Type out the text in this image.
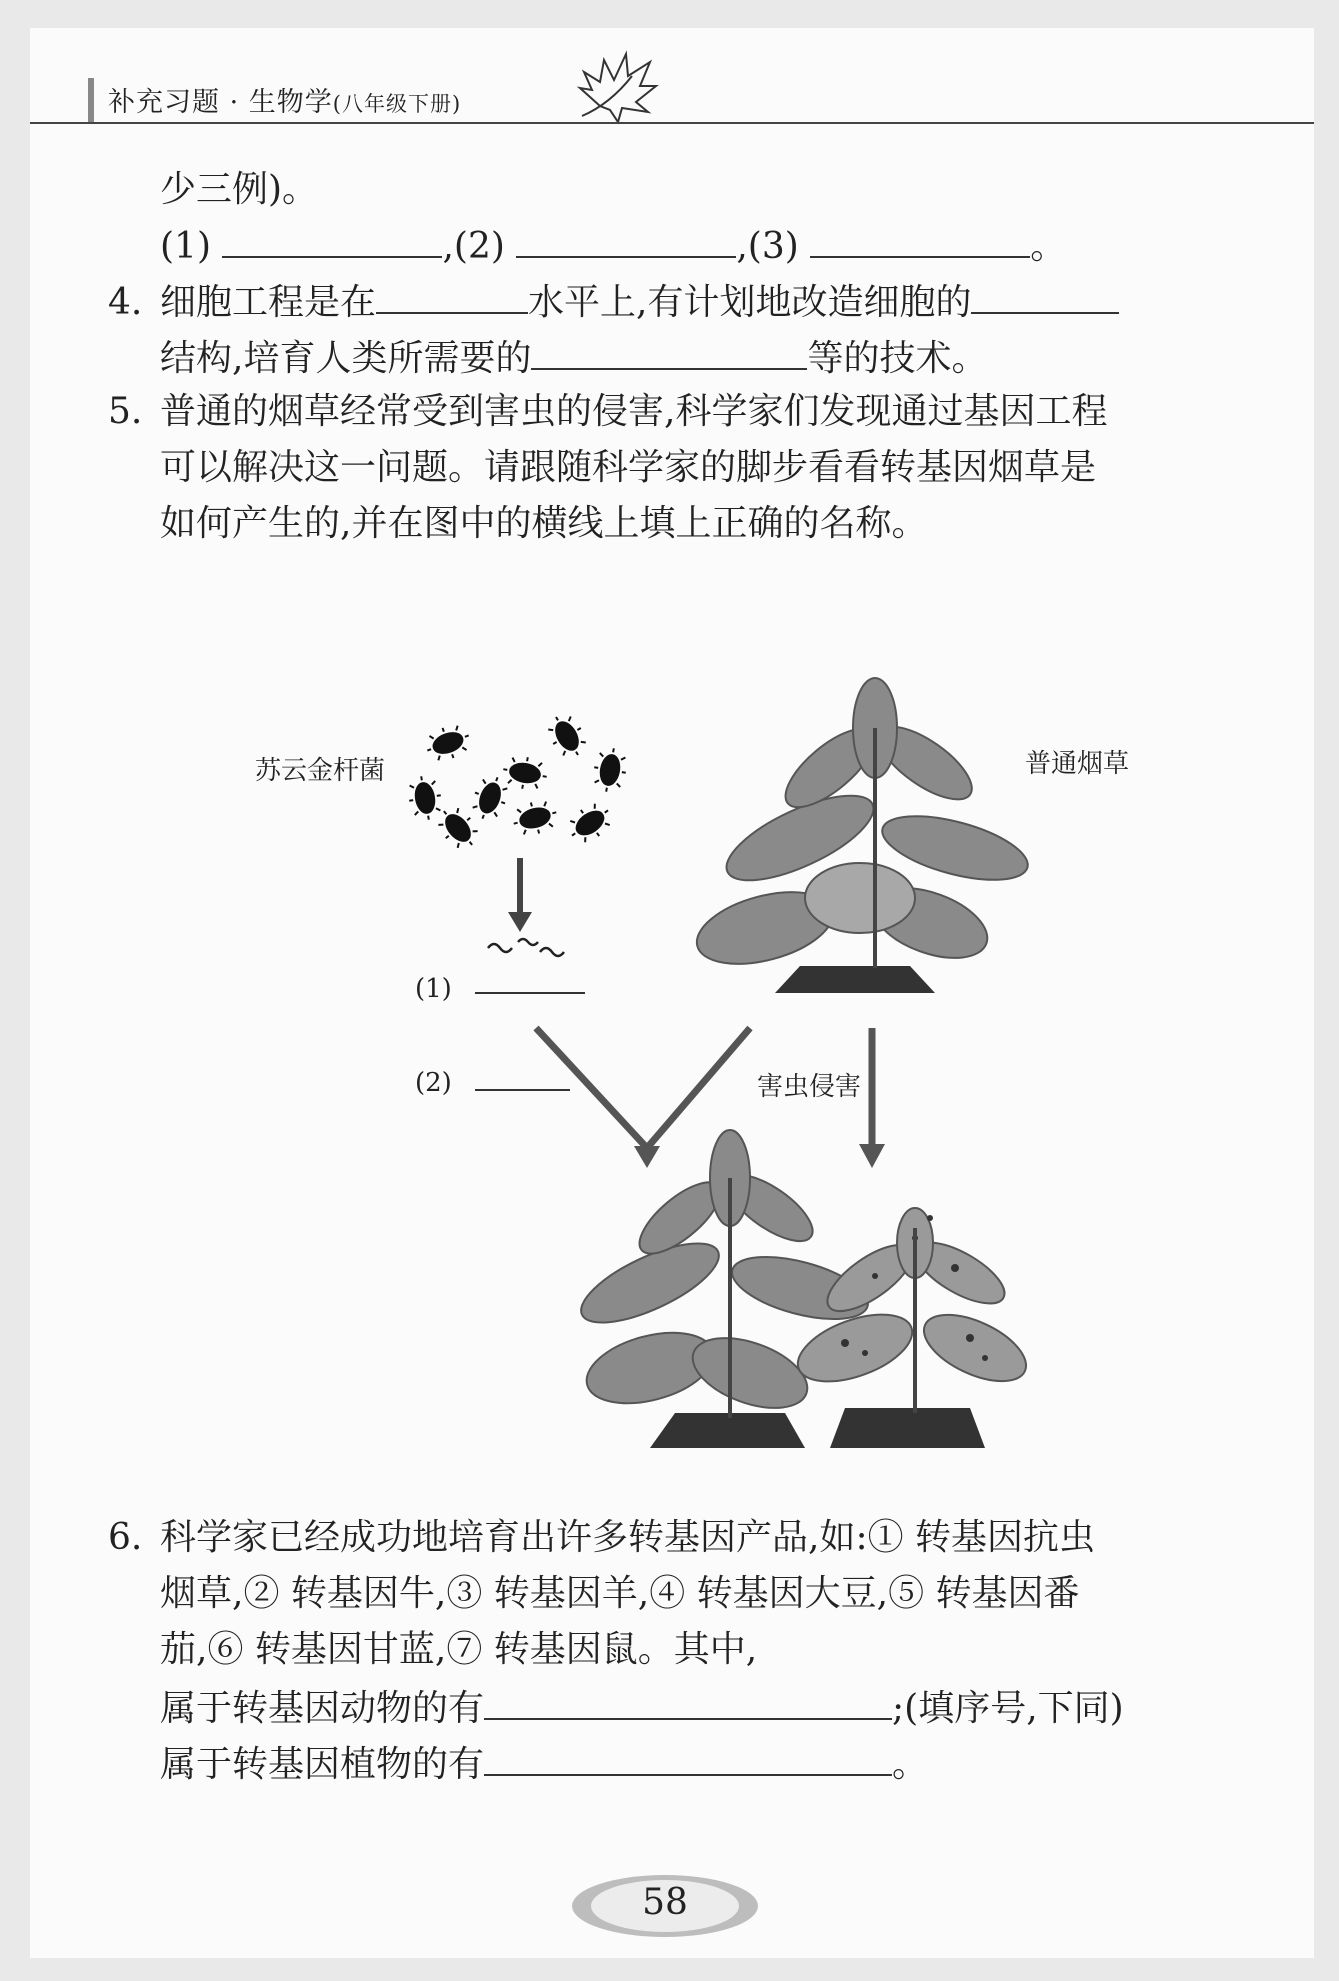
补充习题 · 生物学(八年级下册)
少三例)。
(1)	,(2)	,(3)	。
4. 细胞工程是在	水平上,有计划地改造细胞的
结构,培育人类所需要的	等的技术。
5. 普通的烟草经常受到害虫的侵害,科学家们发现通过基因工程
可以解决这一问题。请跟随科学家的脚步看看转基因烟草是
如何产生的,并在图中的横线上填上正确的名称。
苏云金杆菌	普通烟草
(1)
(2)	害虫侵害
6. 科学家已经成功地培育出许多转基因产品,如:① 转基因抗虫
烟草,② 转基因牛,③ 转基因羊,④ 转基因大豆,⑤ 转基因番
茄,⑥ 转基因甘蓝,⑦ 转基因鼠。其中,
属于转基因动物的有	;(填序号,下同)
属于转基因植物的有	。
58
